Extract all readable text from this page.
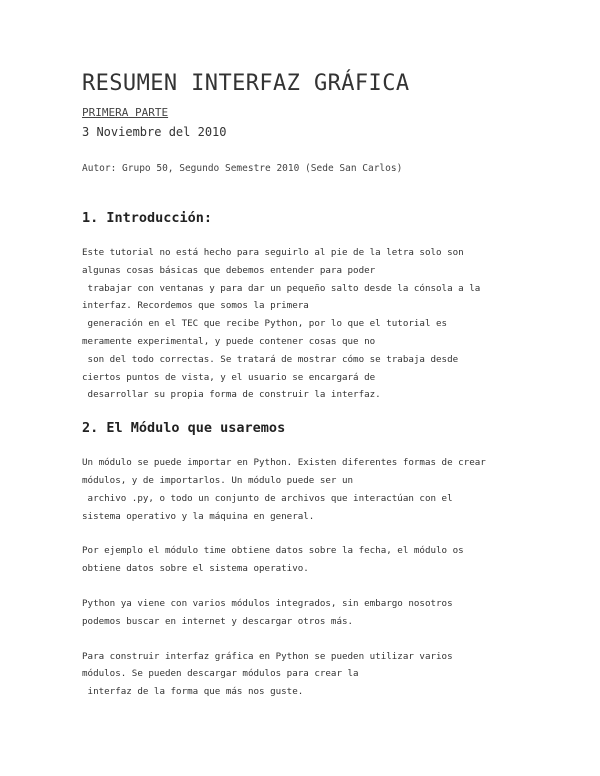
RESUMEN INTERFAZ GRÁFICA

PRIMERA PARTE

3 Noviembre del 2010

Autor: Grupo 50, Segundo Semestre 2010 (Sede San Carlos)

1. Introducción:
Este tutorial no está hecho para seguirlo al pie de la letra solo son
algunas cosas básicas que debemos entender para poder
trabajar con ventanas y para dar un pequeño salto desde la cónsola a la
interfaz. Recordemos que somos la primera
generación en el TEC que recibe Python, por lo que el tutorial es
meramente experimental, y puede contener cosas que no
son del todo correctas. Se tratará de mostrar cómo se trabaja desde
ciertos puntos de vista, y el usuario se encargará de
desarrollar su propia forma de construir la interfaz.
2. El Módulo que usaremos
Un módulo se puede importar en Python. Existen diferentes formas de crear
módulos, y de importarlos. Un módulo puede ser un
archivo .py, o todo un conjunto de archivos que interactúan con el
sistema operativo y la máquina en general.
Por ejemplo el módulo time obtiene datos sobre la fecha, el módulo os
obtiene datos sobre el sistema operativo.
Python ya viene con varios módulos integrados, sin embargo nosotros
podemos buscar en internet y descargar otros más.
Para construir interfaz gráfica en Python se pueden utilizar varios
módulos. Se pueden descargar módulos para crear la
interfaz de la forma que más nos guste.
